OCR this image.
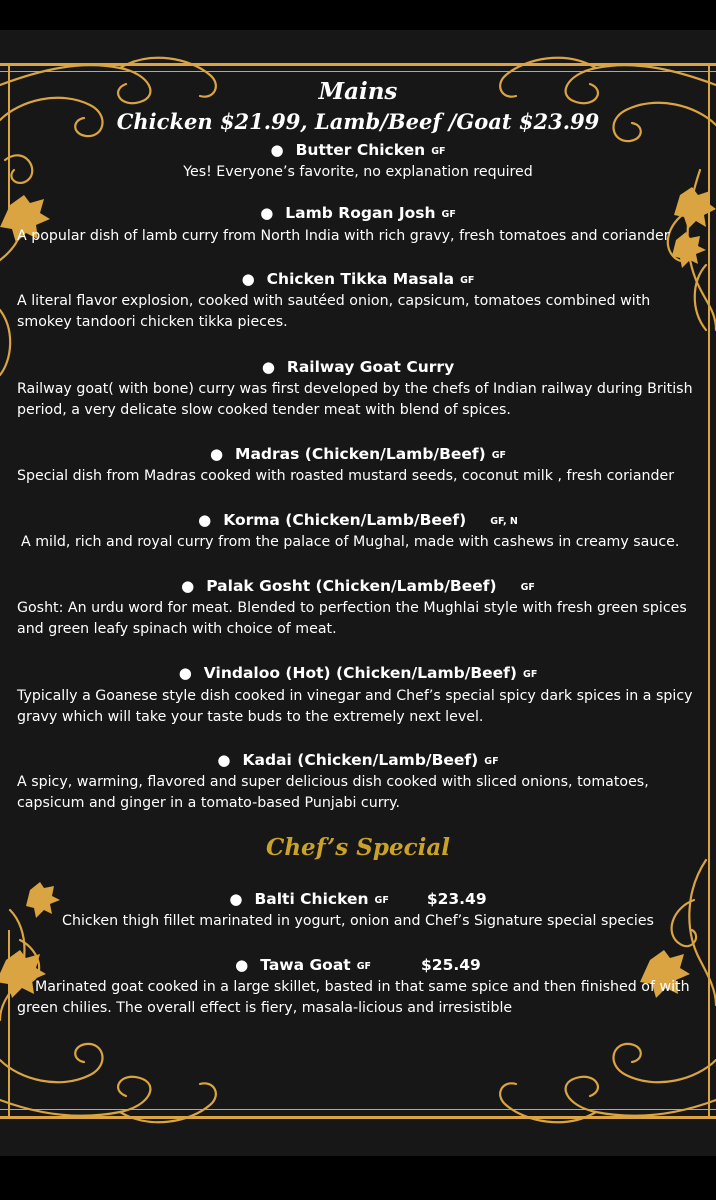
Mains
Chicken $21.99, Lamb/Beef /Goat $23.99
● Butter Chicken GF
Yes! Everyone’s favorite, no explanation required
● Lamb Rogan Josh GF
A popular dish of lamb curry from North India with rich gravy, fresh tomatoes and coriander
● Chicken Tikka Masala GF
A literal flavor explosion, cooked with sautéed onion, capsicum, tomatoes combined with smokey tandoori chicken tikka pieces.
● Railway Goat Curry
Railway goat( with bone) curry was first developed by the chefs of Indian railway during British period, a very delicate slow cooked tender meat with blend of spices.
● Madras (Chicken/Lamb/Beef) GF
Special dish from Madras cooked with roasted mustard seeds, coconut milk , fresh coriander
● Korma (Chicken/Lamb/Beef)	GF, N
A mild, rich and royal curry from the palace of Mughal, made with cashews in creamy sauce.
● Palak Gosht (Chicken/Lamb/Beef)	GF
Gosht: An urdu word for meat. Blended to perfection the Mughlai style with fresh green spices and green leafy spinach with choice of meat.
● Vindaloo (Hot) (Chicken/Lamb/Beef) GF
Typically a Goanese style dish cooked in vinegar and Chef’s special spicy dark spices in a spicy gravy which will take your taste buds to the extremely next level.
● Kadai (Chicken/Lamb/Beef) GF
A spicy, warming, flavored and super delicious dish cooked with sliced onions, tomatoes, capsicum and ginger in a tomato-based Punjabi curry.
Chef’s Special
● Balti Chicken GF $23.49
Chicken thigh fillet marinated in yogurt, onion and Chef’s Signature special species
● Tawa Goat GF	$25.49
Marinated goat cooked in a large skillet, basted in that same spice and then finished of with green chilies. The overall effect is fiery, masala-licious and irresistible
